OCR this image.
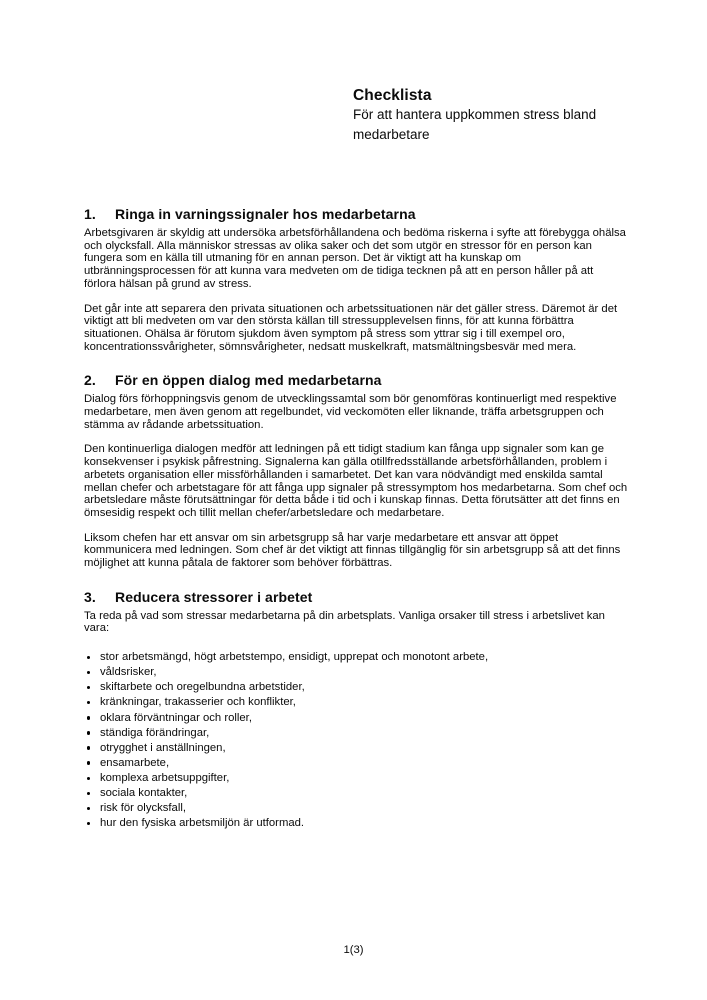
Checklista

För att hantera uppkommen stress bland medarbetare

1.	Ringa in varningssignaler hos medarbetarna

Arbetsgivaren är skyldig att undersöka arbetsförhållandena och bedöma riskerna i syfte att förebygga ohälsa och olycksfall. Alla människor stressas av olika saker och det som utgör en stressor för en person kan fungera som en källa till utmaning för en annan person. Det är viktigt att ha kunskap om utbränningsprocessen för att kunna vara medveten om de tidiga tecknen på att en person håller på att förlora hälsan på grund av stress.

Det går inte att separera den privata situationen och arbetssituationen när det gäller stress. Däremot är det viktigt att bli medveten om var den största källan till stressupplevelsen finns, för att kunna förbättra situationen. Ohälsa är förutom sjukdom även symptom på stress som yttrar sig i till exempel oro, koncentrationssvårigheter, sömnsvårigheter, nedsatt muskelkraft, matsmältningsbesvär med mera.

2.	För en öppen dialog med medarbetarna

Dialog förs förhoppningsvis genom de utvecklingssamtal som bör genomföras kontinuerligt med respektive medarbetare, men även genom att regelbundet, vid veckomöten eller liknande, träffa arbetsgruppen och stämma av rådande arbetssituation.

Den kontinuerliga dialogen medför att ledningen på ett tidigt stadium kan fånga upp signaler som kan ge konsekvenser i psykisk påfrestning. Signalerna kan gälla otillfredsställande arbetsförhållanden, problem i arbetets organisation eller missförhållanden i samarbetet. Det kan vara nödvändigt med enskilda samtal mellan chefer och arbetstagare för att fånga upp signaler på stressymptom hos medarbetarna. Som chef och arbetsledare måste förutsättningar för detta både i tid och i kunskap finnas. Detta förutsätter att det finns en ömsesidig respekt och tillit mellan chefer/arbetsledare och medarbetare.

Liksom chefen har ett ansvar om sin arbetsgrupp så har varje medarbetare ett ansvar att öppet kommunicera med ledningen. Som chef är det viktigt att finnas tillgänglig för sin arbetsgrupp så att det finns möjlighet att kunna påtala de faktorer som behöver förbättras.

3.	Reducera stressorer i arbetet

Ta reda på vad som stressar medarbetarna på din arbetsplats. Vanliga orsaker till stress i arbetslivet kan vara:

stor arbetsmängd, högt arbetstempo, ensidigt, upprepat och monotont arbete,
våldsrisker,
skiftarbete och oregelbundna arbetstider,
kränkningar, trakasserier och konflikter,
oklara förväntningar och roller,
ständiga förändringar,
otrygghet i anställningen,
ensamarbete,
komplexa arbetsuppgifter,
sociala kontakter,
risk för olycksfall,
hur den fysiska arbetsmiljön är utformad.
1(3)
